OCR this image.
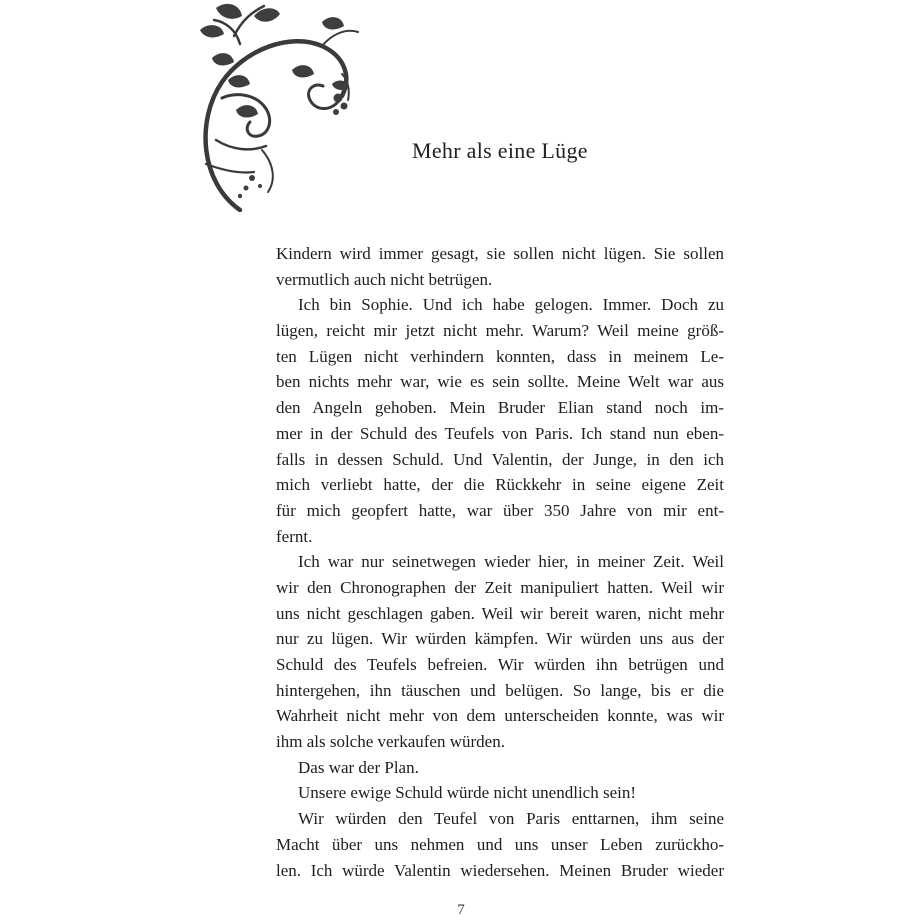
Mehr als eine Lüge
Kindern wird immer gesagt, sie sollen nicht lügen. Sie sollen
vermutlich auch nicht betrügen.
Ich bin Sophie. Und ich habe gelogen. Immer. Doch zu
lügen, reicht mir jetzt nicht mehr. Warum? Weil meine größ-
ten Lügen nicht verhindern konnten, dass in meinem Le-
ben nichts mehr war, wie es sein sollte. Meine Welt war aus
den Angeln gehoben. Mein Bruder Elian stand noch im-
mer in der Schuld des Teufels von Paris. Ich stand nun eben-
falls in dessen Schuld. Und Valentin, der Junge, in den ich
mich verliebt hatte, der die Rückkehr in seine eigene Zeit
für mich geopfert hatte, war über 350 Jahre von mir ent-
fernt.
Ich war nur seinetwegen wieder hier, in meiner Zeit. Weil
wir den Chronographen der Zeit manipuliert hatten. Weil wir
uns nicht geschlagen gaben. Weil wir bereit waren, nicht mehr
nur zu lügen. Wir würden kämpfen. Wir würden uns aus der
Schuld des Teufels befreien. Wir würden ihn betrügen und
hintergehen, ihn täuschen und belügen. So lange, bis er die
Wahrheit nicht mehr von dem unterscheiden konnte, was wir
ihm als solche verkaufen würden.
Das war der Plan.
Unsere ewige Schuld würde nicht unendlich sein!
Wir würden den Teufel von Paris enttarnen, ihm seine
Macht über uns nehmen und uns unser Leben zurückho-
len. Ich würde Valentin wiedersehen. Meinen Bruder wieder
7
